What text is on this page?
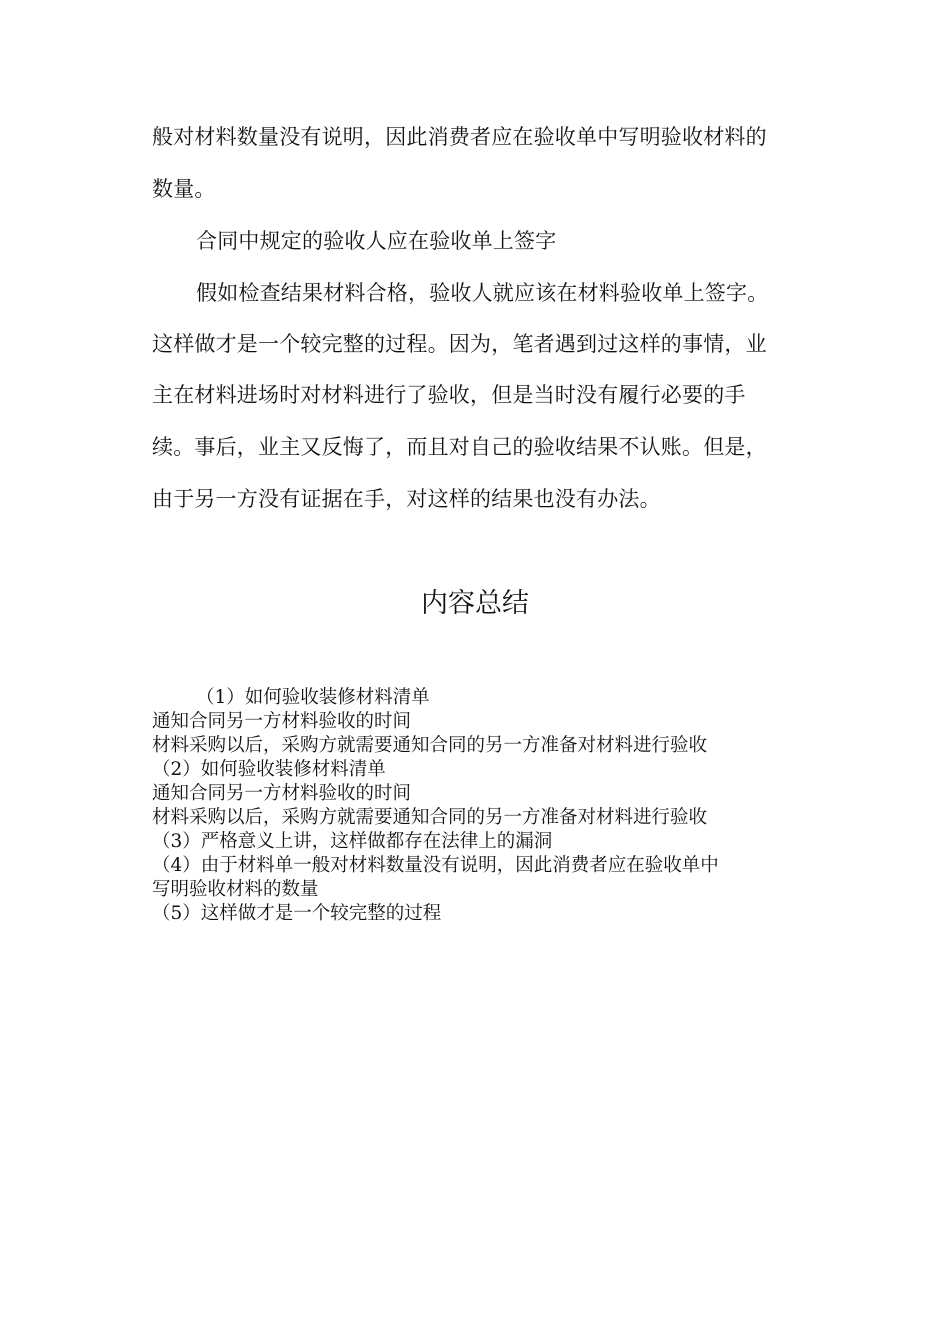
般对材料数量没有说明，因此消费者应在验收单中写明验收材料的
数量。
合同中规定的验收人应在验收单上签字
假如检查结果材料合格，验收人就应该在材料验收单上签字。
这样做才是一个较完整的过程。因为，笔者遇到过这样的事情，业
主在材料进场时对材料进行了验收，但是当时没有履行必要的手
续。事后，业主又反悔了，而且对自己的验收结果不认账。但是，
由于另一方没有证据在手，对这样的结果也没有办法。
内容总结
（1）如何验收装修材料清单
通知合同另一方材料验收的时间
材料采购以后，采购方就需要通知合同的另一方准备对材料进行验收
（2）如何验收装修材料清单
通知合同另一方材料验收的时间
材料采购以后，采购方就需要通知合同的另一方准备对材料进行验收
（3）严格意义上讲，这样做都存在法律上的漏洞
（4）由于材料单一般对材料数量没有说明，因此消费者应在验收单中
写明验收材料的数量
（5）这样做才是一个较完整的过程
